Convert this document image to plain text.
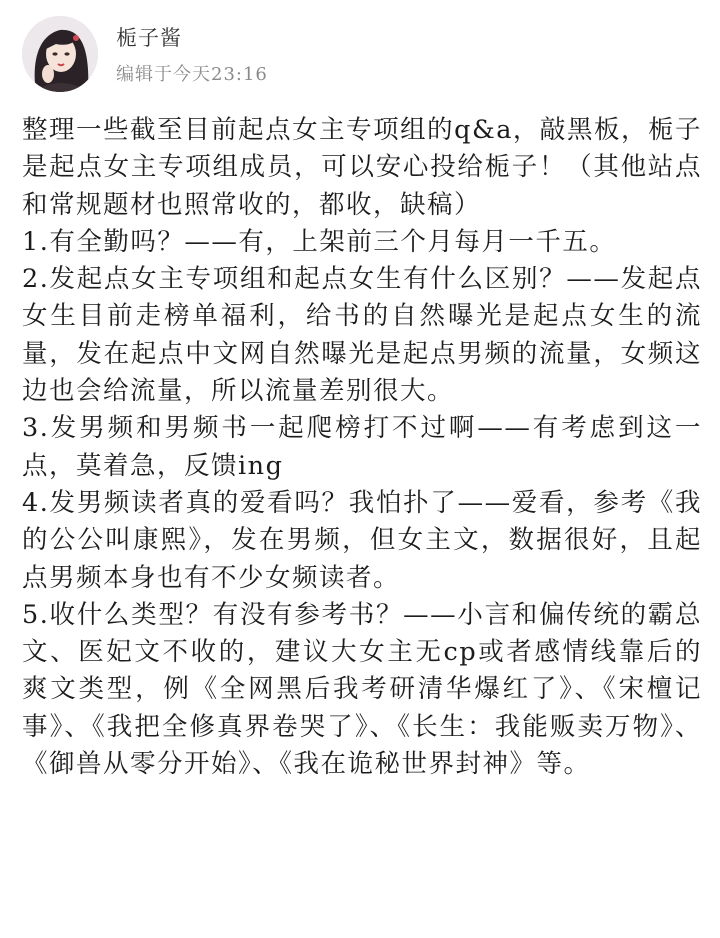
栀子酱
编辑于今天23:16

整理一些截至目前起点女主专项组的q&a，敲黑板，栀子是起点女主专项组成员，可以安心投给栀子！（其他站点和常规题材也照常收的，都收，缺稿）

1.有全勤吗？——有，上架前三个月每月一千五。

2.发起点女主专项组和起点女生有什么区别？——发起点女生目前走榜单福利，给书的自然曝光是起点女生的流量，发在起点中文网自然曝光是起点男频的流量，女频这边也会给流量，所以流量差别很大。

3.发男频和男频书一起爬榜打不过啊——有考虑到这一点，莫着急，反馈ing

4.发男频读者真的爱看吗？我怕扑了——爱看，参考《我的公公叫康熙》，发在男频，但女主文，数据很好，且起点男频本身也有不少女频读者。

5.收什么类型？有没有参考书？——小言和偏传统的霸总文、医妃文不收的，建议大女主无cp或者感情线靠后的爽文类型，例《全网黑后我考研清华爆红了》、《宋檀记事》、《我把全修真界卷哭了》、《长生：我能贩卖万物》、《御兽从零分开始》、《我在诡秘世界封神》等。
